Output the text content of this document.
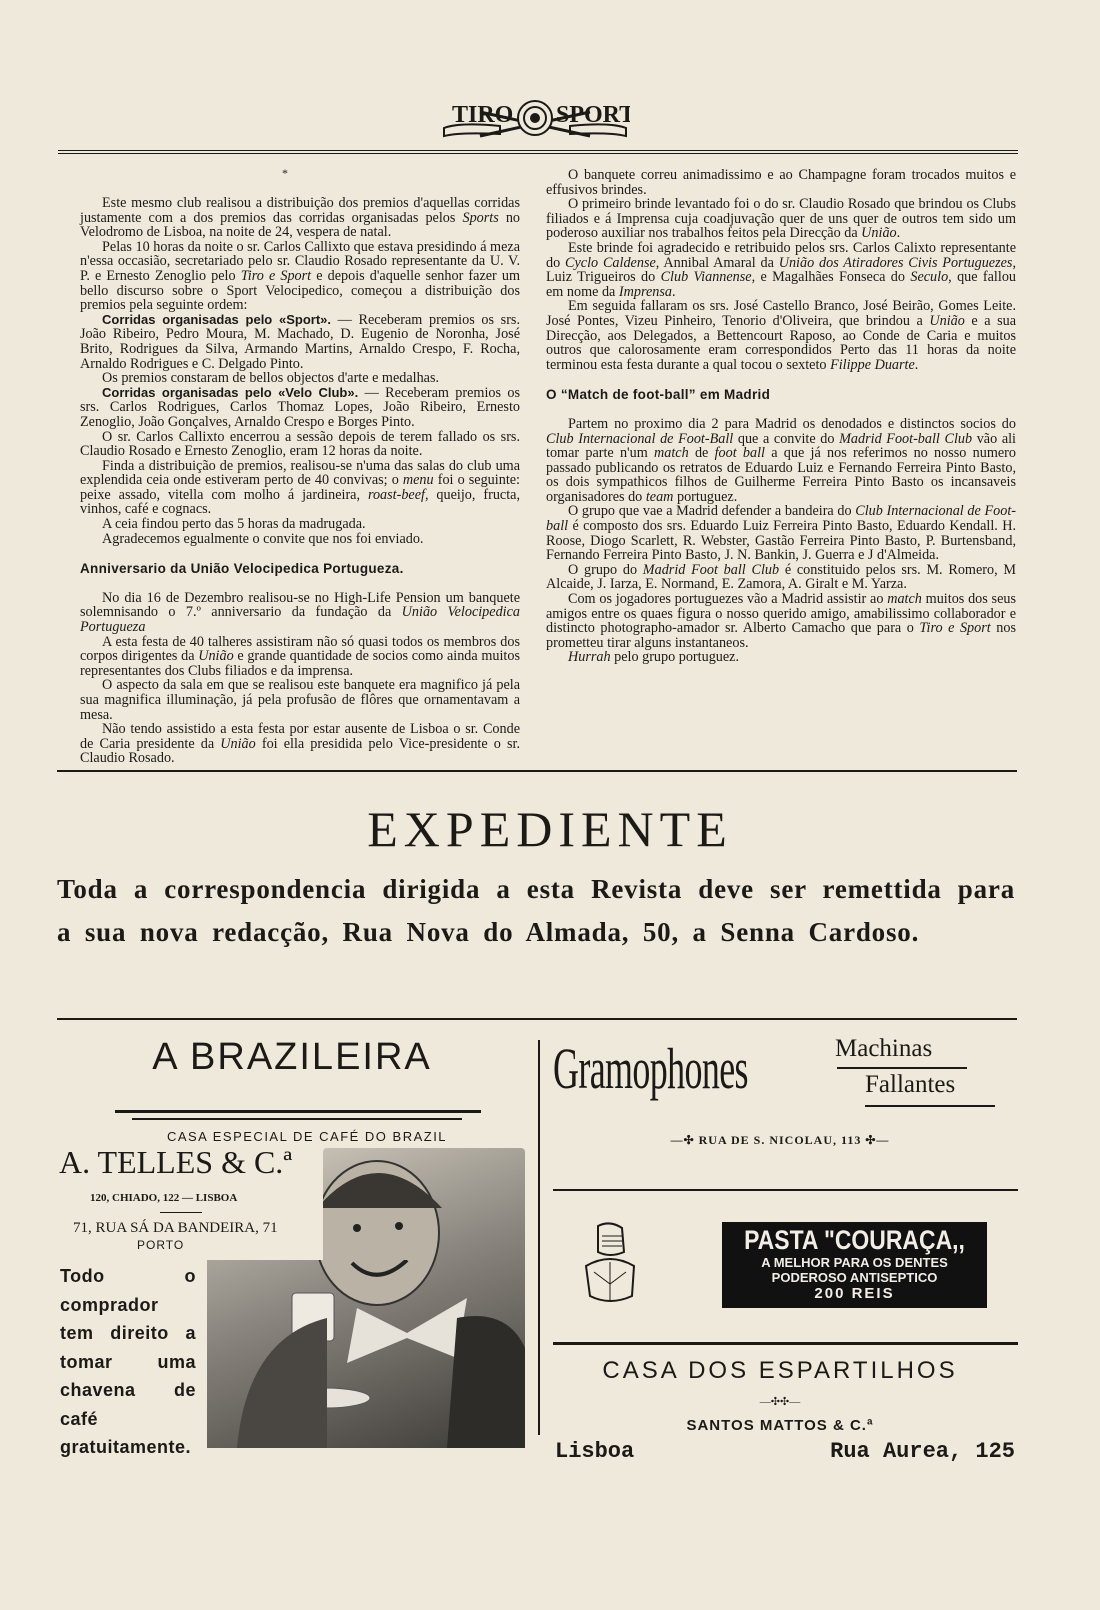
TIRO SPORT
*

Este mesmo club realisou a distribuição dos premios d'aquellas corridas justamente com a dos premios das corridas organisadas pelos Sports no Velodromo de Lisboa, na noite de 24, vespera de natal.

Pelas 10 horas da noite o sr. Carlos Callixto que estava presidindo á meza n'essa occasião, secretariado pelo sr. Claudio Rosado representante da U. V. P. e Ernesto Zenoglio pelo Tiro e Sport e depois d'aquelle senhor fazer um bello discurso sobre o Sport Velocipedico, começou a distribuição dos premios pela seguinte ordem:

Corridas organisadas pelo «Sport». — Receberam premios os srs. João Ribeiro, Pedro Moura, M. Machado, D. Eugenio de Noronha, José Brito, Rodrigues da Silva, Armando Martins, Arnaldo Crespo, F. Rocha, Arnaldo Rodrigues e C. Delgado Pinto.

Os premios constaram de bellos objectos d'arte e medalhas.

Corridas organisadas pelo «Velo Club». — Receberam premios os srs. Carlos Rodrigues, Carlos Thomaz Lopes, João Ribeiro, Ernesto Zenoglio, João Gonçalves, Arnaldo Crespo e Borges Pinto.

O sr. Carlos Callixto encerrou a sessão depois de terem fallado os srs. Claudio Rosado e Ernesto Zenoglio, eram 12 horas da noite.

Finda a distribuição de premios, realisou-se n'uma das salas do club uma explendida ceia onde estiveram perto de 40 convivas; o menu foi o seguinte: peixe assado, vitella com molho á jardineira, roast-beef, queijo, fructa, vinhos, café e cognacs.

A ceia findou perto das 5 horas da madrugada.

Agradecemos egualmente o convite que nos foi enviado.

Anniversario da União Velocipedica Portugueza.

No dia 16 de Dezembro realisou-se no High-Life Pension um banquete solemnisando o 7.º anniversario da fundação da União Velocipedica Portugueza

A esta festa de 40 talheres assistiram não só quasi todos os membros dos corpos dirigentes da União e grande quantidade de socios como ainda muitos representantes dos Clubs filiados e da imprensa.

O aspecto da sala em que se realisou este banquete era magnifico já pela sua magnifica illuminação, já pela profusão de flôres que ornamentavam a mesa.

Não tendo assistido a esta festa por estar ausente de Lisboa o sr. Conde de Caria presidente da União foi ella presidida pelo Vice-presidente o sr. Claudio Rosado.

O banquete correu animadissimo e ao Champagne foram trocados muitos e effusivos brindes.

O primeiro brinde levantado foi o do sr. Claudio Rosado que brindou os Clubs filiados e á Imprensa cuja coadjuvação quer de uns quer de outros tem sido um poderoso auxiliar nos trabalhos feitos pela Direcção da União.

Este brinde foi agradecido e retribuido pelos srs. Carlos Calixto representante do Cyclo Caldense, Annibal Amaral da União dos Atiradores Civis Portuguezes, Luiz Trigueiros do Club Viannense, e Magalhães Fonseca do Seculo, que fallou em nome da Imprensa.

Em seguida fallaram os srs. José Castello Branco, José Beirão, Gomes Leite. José Pontes, Vizeu Pinheiro, Tenorio d'Oliveira, que brindou a União e a sua Direcção, aos Delegados, a Bettencourt Raposo, ao Conde de Caria e muitos outros que calorosamente eram correspondidos Perto das 11 horas da noite terminou esta festa durante a qual tocou o sexteto Filippe Duarte.

O “Match de foot-ball” em Madrid

Partem no proximo dia 2 para Madrid os denodados e distinctos socios do Club Internacional de Foot-Ball que a convite do Madrid Foot-ball Club vão ali tomar parte n'um match de foot ball a que já nos referimos no nosso numero passado publicando os retratos de Eduardo Luiz e Fernando Ferreira Pinto Basto, os dois sympathicos filhos de Guilherme Ferreira Pinto Basto os incansaveis organisadores do team portuguez.

O grupo que vae a Madrid defender a bandeira do Club Internacional de Foot-ball é composto dos srs. Eduardo Luiz Ferreira Pinto Basto, Eduardo Kendall. H. Roose, Diogo Scarlett, R. Webster, Gastão Ferreira Pinto Basto, P. Burtensband, Fernando Ferreira Pinto Basto, J. N. Bankin, J. Guerra e J d'Almeida.

O grupo do Madrid Foot ball Club é constituido pelos srs. M. Romero, M Alcaide, J. Iarza, E. Normand, E. Zamora, A. Giralt e M. Yarza.

Com os jogadores portuguezes vão a Madrid assistir ao match muitos dos seus amigos entre os quaes figura o nosso querido amigo, amabilissimo collaborador e distincto photographo-amador sr. Alberto Camacho que para o Tiro e Sport nos prometteu tirar alguns instantaneos.

Hurrah pelo grupo portuguez.

EXPEDIENTE
Toda a correspondencia dirigida a esta Revista deve ser remettida para a sua nova redacção, Rua Nova do Almada, 50, a Senna Cardoso.
A BRAZILEIRA
CASA ESPECIAL DE CAFÉ DO BRAZIL
A. TELLES & C.ª
120, CHIADO, 122 — LISBOA
71, RUA SÁ DA BANDEIRA, 71
PORTO
Todo o comprador tem direito a tomar uma chavena de café gratuitamente.
Gramophones	Machinas
Fallantes
—✣ RUA DE S. NICOLAU, 113 ✣—
PASTA "COURAÇA,,
A MELHOR PARA OS DENTES
PODEROSO ANTISEPTICO
200 REIS
CASA DOS ESPARTILHOS
—✣✣—
SANTOS MATTOS & C.ª
Lisboa	Rua Aurea, 125
